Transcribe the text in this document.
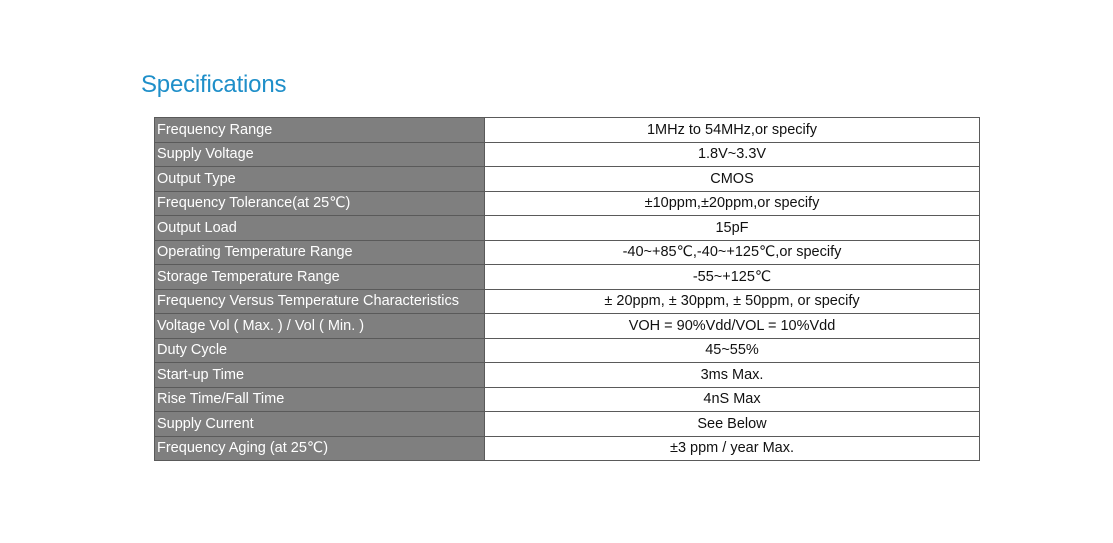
Specifications
Frequency Range	1MHz to 54MHz,or specify
Supply Voltage	1.8V~3.3V
Output Type	CMOS
Frequency Tolerance(at 25℃)	±10ppm,±20ppm,or specify
Output Load	15pF
Operating Temperature Range	-40~+85℃,-40~+125℃,or specify
Storage Temperature Range	-55~+125℃
Frequency Versus Temperature Characteristics	± 20ppm, ± 30ppm, ± 50ppm, or specify
Voltage Vol ( Max. ) / Vol ( Min. )	VOH = 90%Vdd/VOL = 10%Vdd
Duty Cycle	45~55%
Start-up Time	3ms Max.
Rise Time/Fall Time	4nS Max
Supply Current	See Below
Frequency Aging (at 25℃)	±3 ppm / year Max.
